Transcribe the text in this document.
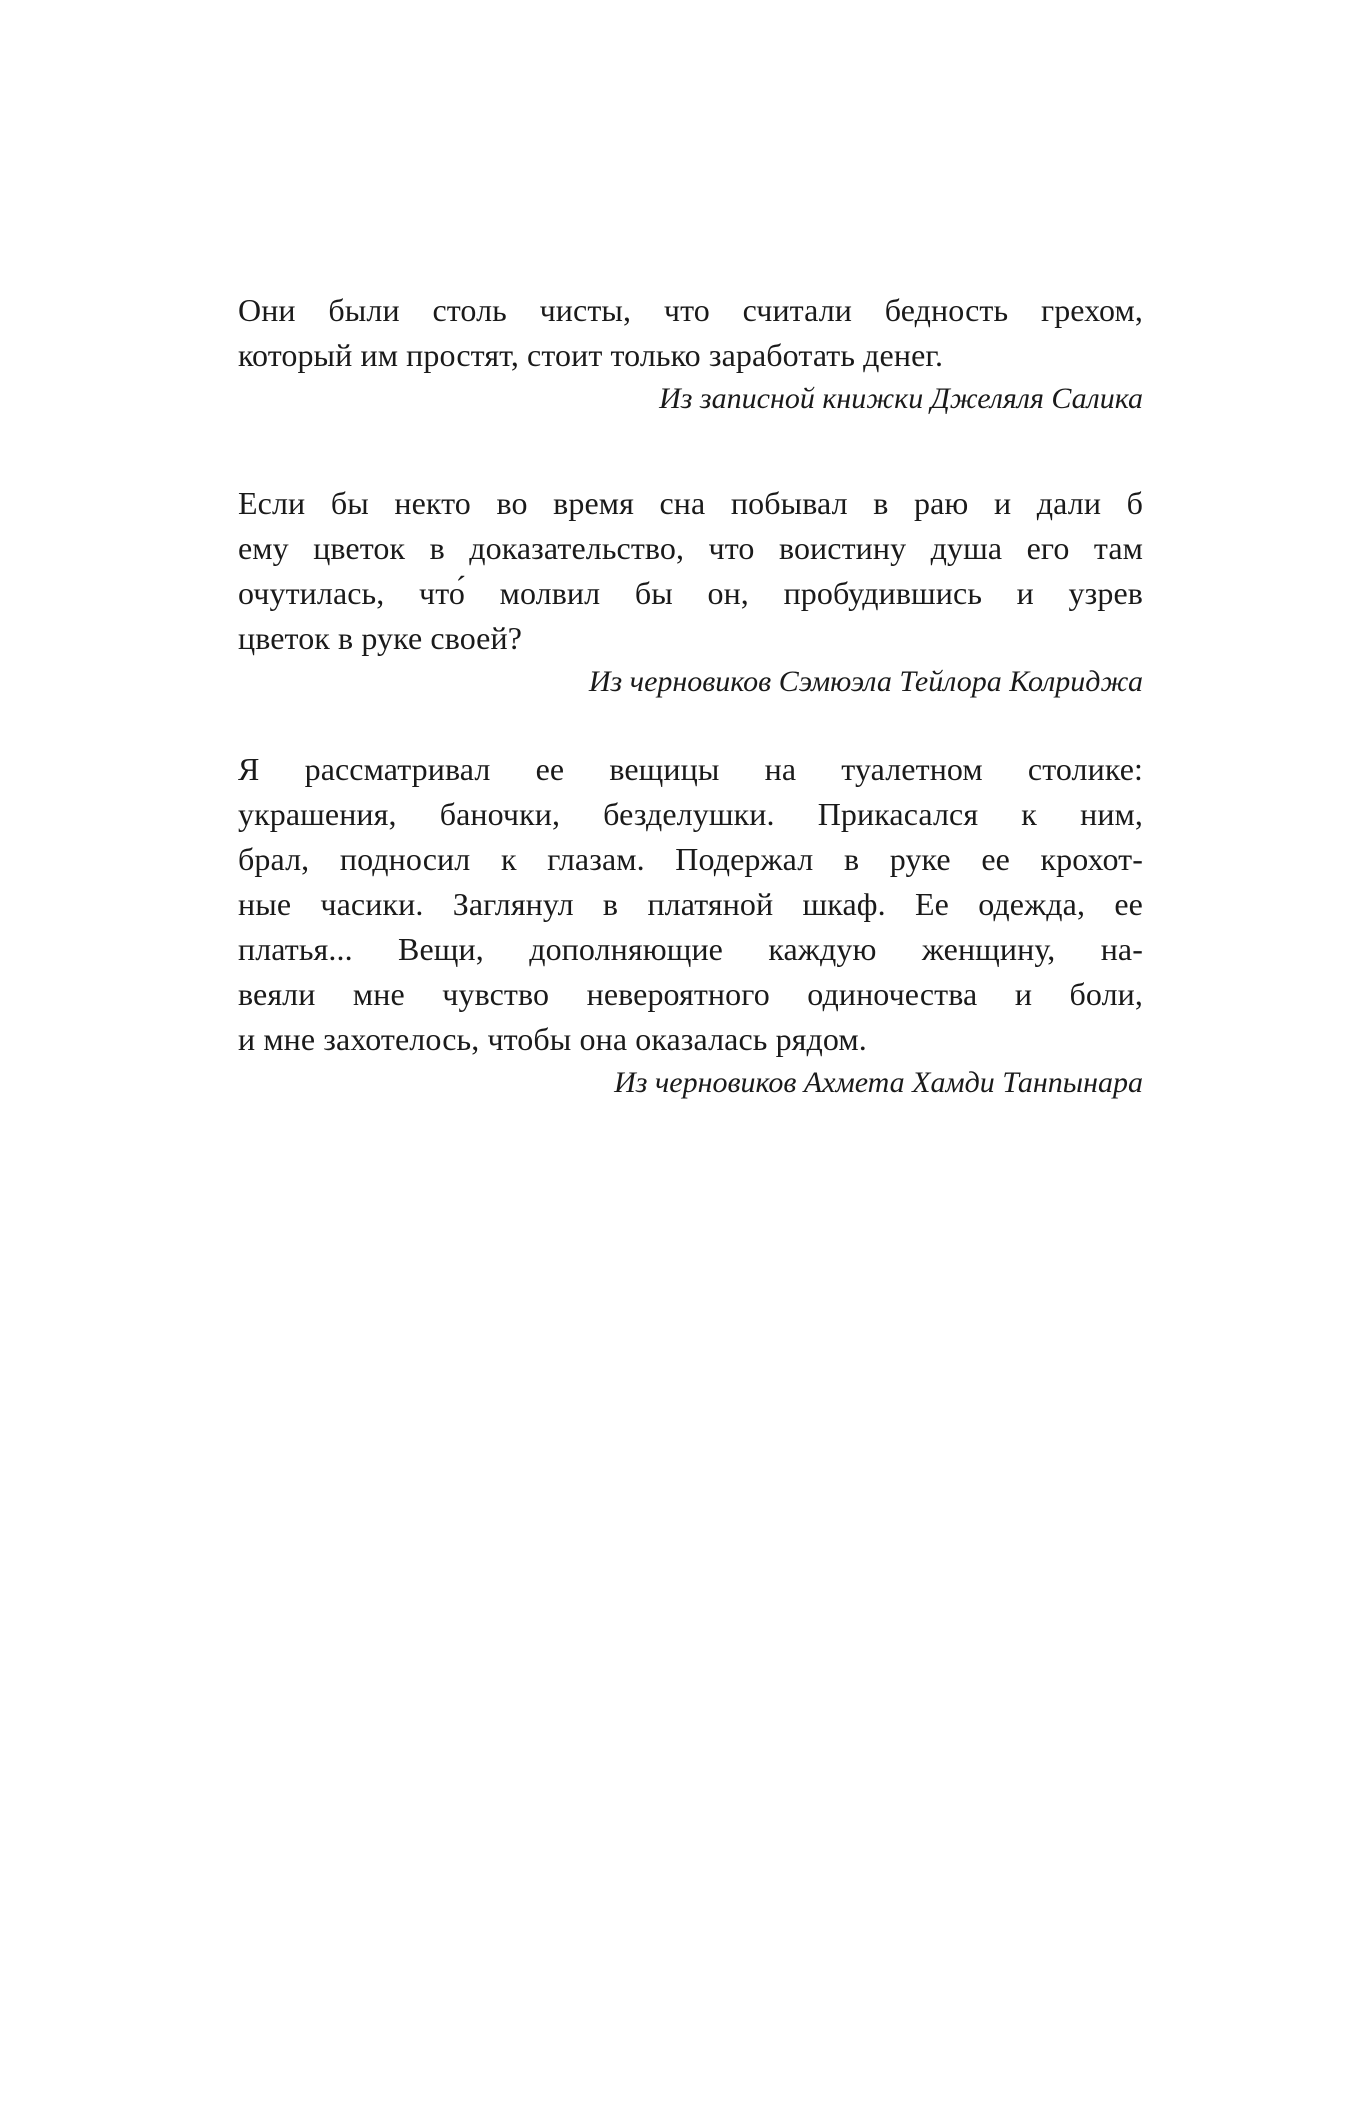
Они были столь чисты, что считали бедность грехом,
который им простят, стоит только заработать денег.
Из записной книжки Джеляля Салика
Если бы некто во время сна побывал в раю и дали б
ему цветок в доказательство, что воистину душа его там
очутилась, что́ молвил бы он, пробудившись и узрев
цветок в руке своей?
Из черновиков Сэмюэла Тейлора Колриджа
Я рассматривал ее вещицы на туалетном столике:
украшения, баночки, безделушки. Прикасался к ним,
брал, подносил к глазам. Подержал в руке ее крохот-
ные часики. Заглянул в платяной шкаф. Ее одежда, ее
платья... Вещи, дополняющие каждую женщину, на-
веяли мне чувство невероятного одиночества и боли,
и мне захотелось, чтобы она оказалась рядом.
Из черновиков Ахмета Хамди Танпынара
